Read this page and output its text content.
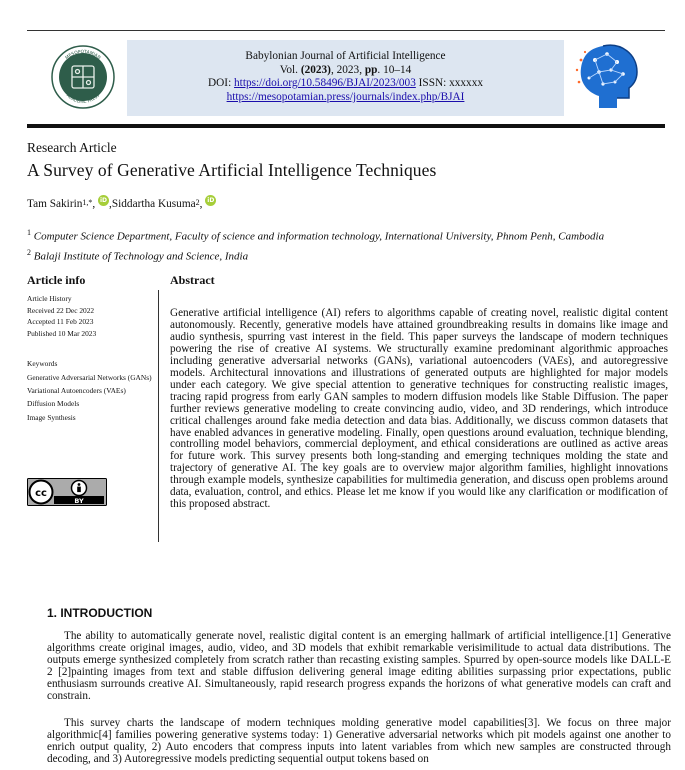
MESOPOTAMIAN
ACADEMIC PRESS
Babylonian Journal of Artificial Intelligence
Vol. (2023), 2023, pp. 10–14
DOI: https://doi.org/10.58496/BJAI/2023/003 ISSN: xxxxxx
https://mesopotamian.press/journals/index.php/BJAI
Research Article
A Survey of Generative Artificial Intelligence Techniques
Tam Sakirin 1,* ,
iD , Siddartha Kusuma 2 ,
iD
$^1$ Computer Science Department, Faculty of science and information technology, International University, Phnom Penh, Cambodia
$^2$ Balaji Institute of Technology and Science, India
Article info	Abstract
Article History
Received 22 Dec 2022
Accepted 11 Feb 2023
Published 10 Mar 2023
Keywords
Generative Adversarial Networks (GANs)
Variational Autoencoders (VAEs)
Diffusion Models
Image Synthesis
cc
BY
Generative artificial intelligence (AI) refers to algorithms capable of creating novel, realistic digital content autonomously. Recently, generative models have attained groundbreaking results in domains like image and audio synthesis, spurring vast interest in the field. This paper surveys the landscape of modern techniques powering the rise of creative AI systems. We structurally examine predominant algorithmic approaches including generative adversarial networks (GANs), variational autoencoders (VAEs), and autoregressive models. Architectural innovations and illustrations of generated outputs are highlighted for major models under each category. We give special attention to generative techniques for constructing realistic images, tracing rapid progress from early GAN samples to modern diffusion models like Stable Diffusion. The paper further reviews generative modeling to create convincing audio, video, and 3D renderings, which introduce critical challenges around fake media detection and data bias. Additionally, we discuss common datasets that have enabled advances in generative modeling. Finally, open questions around evaluation, technique blending, controlling model behaviors, commercial deployment, and ethical considerations are outlined as active areas for future work. This survey presents both long-standing and emerging techniques molding the state and trajectory of generative AI. The key goals are to overview major algorithm families, highlight innovations through example models, synthesize capabilities for multimedia generation, and discuss open problems around data, evaluation, control, and ethics. Please let me know if you would like any clarification or modification of this proposed abstract.
1. INTRODUCTION
The ability to automatically generate novel, realistic digital content is an emerging hallmark of artificial intelligence.[1] Generative algorithms create original images, audio, video, and 3D models that exhibit remarkable verisimilitude to actual data distributions. The outputs emerge synthesized completely from scratch rather than recasting existing samples. Spurred by open-source models like DALL-E 2 [2]painting images from text and stable diffusion delivering general image editing abilities surpassing prior expectations, public enthusiasm surrounds creative AI. Simultaneously, rapid research progress expands the horizons of what generative models can craft and constrain.
This survey charts the landscape of modern techniques molding generative model capabilities[3]. We focus on three major algorithmic[4] families powering generative systems today: 1) Generative adversarial networks which pit models against one another to enrich output quality, 2) Auto encoders that compress inputs into latent variables from which new samples are constructed through decoding, and 3) Autoregressive models predicting sequential output tokens based on
